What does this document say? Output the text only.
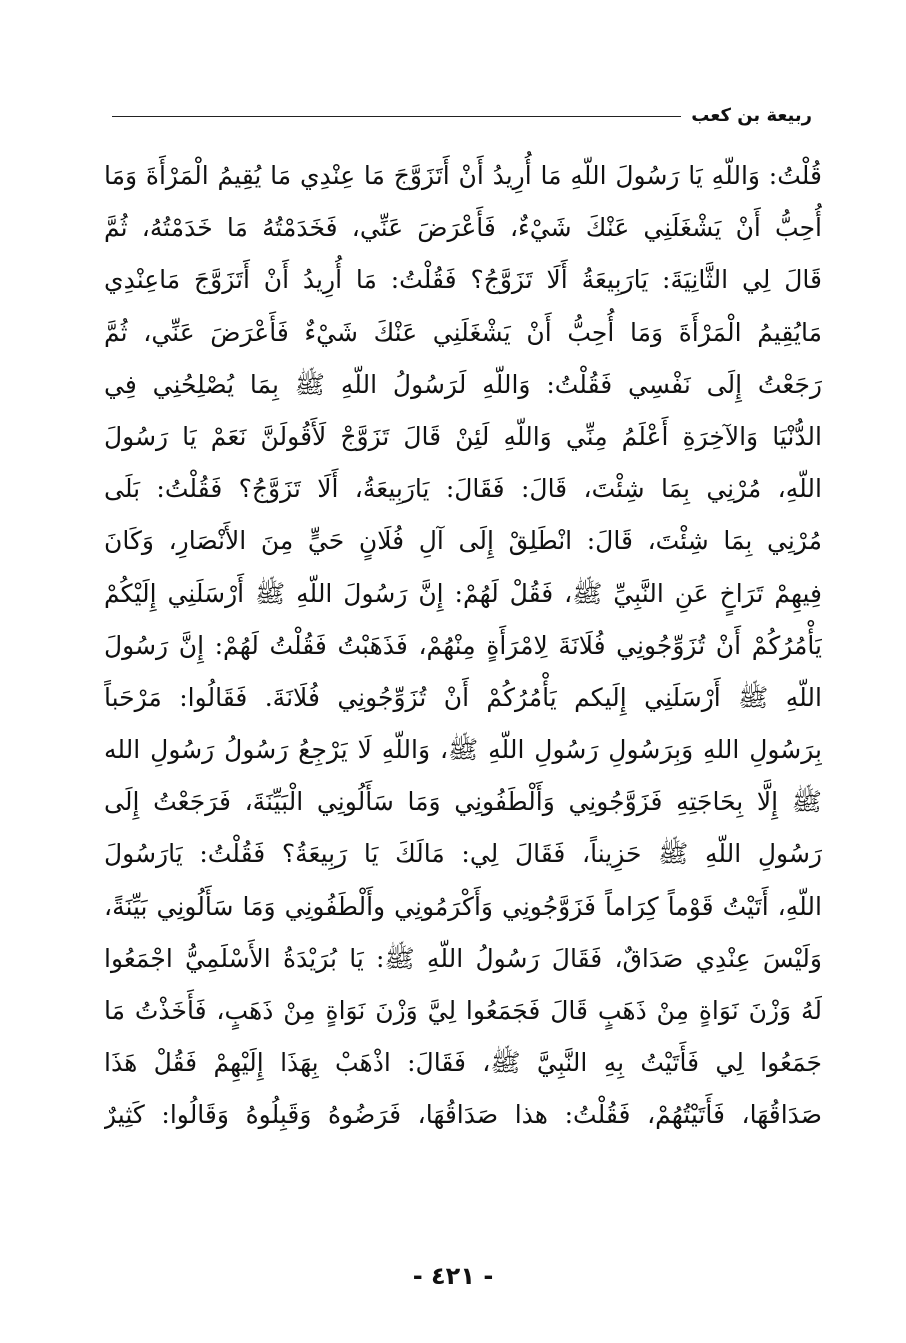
ربيعة بن كعب
قُلْتُ: وَاللّهِ يَا رَسُولَ اللّهِ مَا أُرِيدُ أَنْ أَتَزَوَّجَ مَا عِنْدِي مَا يُقِيمُ الْمَرْأَةَ وَمَا
أُحِبُّ أَنْ يَشْغَلَنِي عَنْكَ شَيْءٌ، فَأَعْرَضَ عَنِّي، فَخَدَمْتُهُ مَا خَدَمْتُهُ، ثُمَّ
قَالَ لِي الثَّانِيَةَ: يَارَبِيعَةُ أَلَا تَزَوَّجُ؟ فَقُلْتُ: مَا أُرِيدُ أَنْ أَتَزَوَّجَ مَاعِنْدِي
مَايُقِيمُ الْمَرْأَةَ وَمَا أُحِبُّ أَنْ يَشْغَلَنِي عَنْكَ شَيْءٌ فَأَعْرَضَ عَنِّي، ثُمَّ
رَجَعْتُ إِلَى نَفْسِي فَقُلْتُ: وَاللّهِ لَرَسُولُ اللّهِ ﷺ بِمَا يُصْلِحُنِي فِي
الدُّنْيَا وَالآخِرَةِ أَعْلَمُ مِنِّي وَاللّهِ لَئِنْ قَالَ تَزَوَّجْ لَأَقُولَنَّ نَعَمْ يَا رَسُولَ
اللّهِ، مُرْنِي بِمَا شِئْتَ، قَالَ: فَقَالَ: يَارَبِيعَةُ، أَلَا تَزَوَّجُ؟ فَقُلْتُ: بَلَى
مُرْنِي بِمَا شِئْتَ، قَالَ: انْطَلِقْ إِلَى آلِ فُلَانٍ حَيٍّ مِنَ الأَنْصَارِ، وَكَانَ
فِيهِمْ تَرَاخٍ عَنِ النَّبِيِّ ﷺ، فَقُلْ لَهُمْ: إِنَّ رَسُولَ اللّهِ ﷺ أَرْسَلَنِي إِلَيْكُمْ
يَأْمُرُكُمْ أَنْ تُزَوِّجُونِي فُلَانَةَ لِامْرَأَةٍ مِنْهُمْ، فَذَهَبْتُ فَقُلْتُ لَهُمْ: إِنَّ رَسُولَ
اللّهِ ﷺ أَرْسَلَنِي إِلَيكم يَأْمُرُكُمْ أَنْ تُزَوِّجُونِي فُلَانَةَ. فَقَالُوا: مَرْحَباً
بِرَسُولِ اللهِ وَبِرَسُولِ رَسُولِ اللّهِ ﷺ، وَاللّهِ لَا يَرْجِعُ رَسُولُ رَسُولِ الله
ﷺ إِلَّا بِحَاجَتِهِ فَزَوَّجُونِي وَأَلْطَفُونِي وَمَا سَأَلُونِي الْبَيِّنَةَ، فَرَجَعْتُ إِلَى
رَسُولِ اللّهِ ﷺ حَزِيناً، فَقَالَ لِي: مَالَكَ يَا رَبِيعَةُ؟ فَقُلْتُ: يَارَسُولَ
اللّهِ، أَتَيْتُ قَوْماً كِرَاماً فَزَوَّجُونِي وَأَكْرَمُونِي وأَلْطَفُونِي وَمَا سَأَلُونِي بَيِّنَةً،
وَلَيْسَ عِنْدِي صَدَاقٌ، فَقَالَ رَسُولُ اللّهِ ﷺ: يَا بُرَيْدَةُ الأَسْلَمِيُّ اجْمَعُوا
لَهُ وَزْنَ نَوَاةٍ مِنْ ذَهَبٍ قَالَ فَجَمَعُوا لِيَّ وَزْنَ نَوَاةٍ مِنْ ذَهَبٍ، فَأَخَذْتُ مَا
جَمَعُوا لِي فَأَتَيْتُ بِهِ النَّبِيَّ ﷺ، فَقَالَ: اذْهَبْ بِهَذَا إِلَيْهِمْ فَقُلْ هَذَا
صَدَاقُهَا، فَأَتَيْتُهُمْ، فَقُلْتُ: هذا صَدَاقُهَا، فَرَضُوهُ وَقَبِلُوهُ وَقَالُوا: كَثِيرٌ
- ٤٢١ -
